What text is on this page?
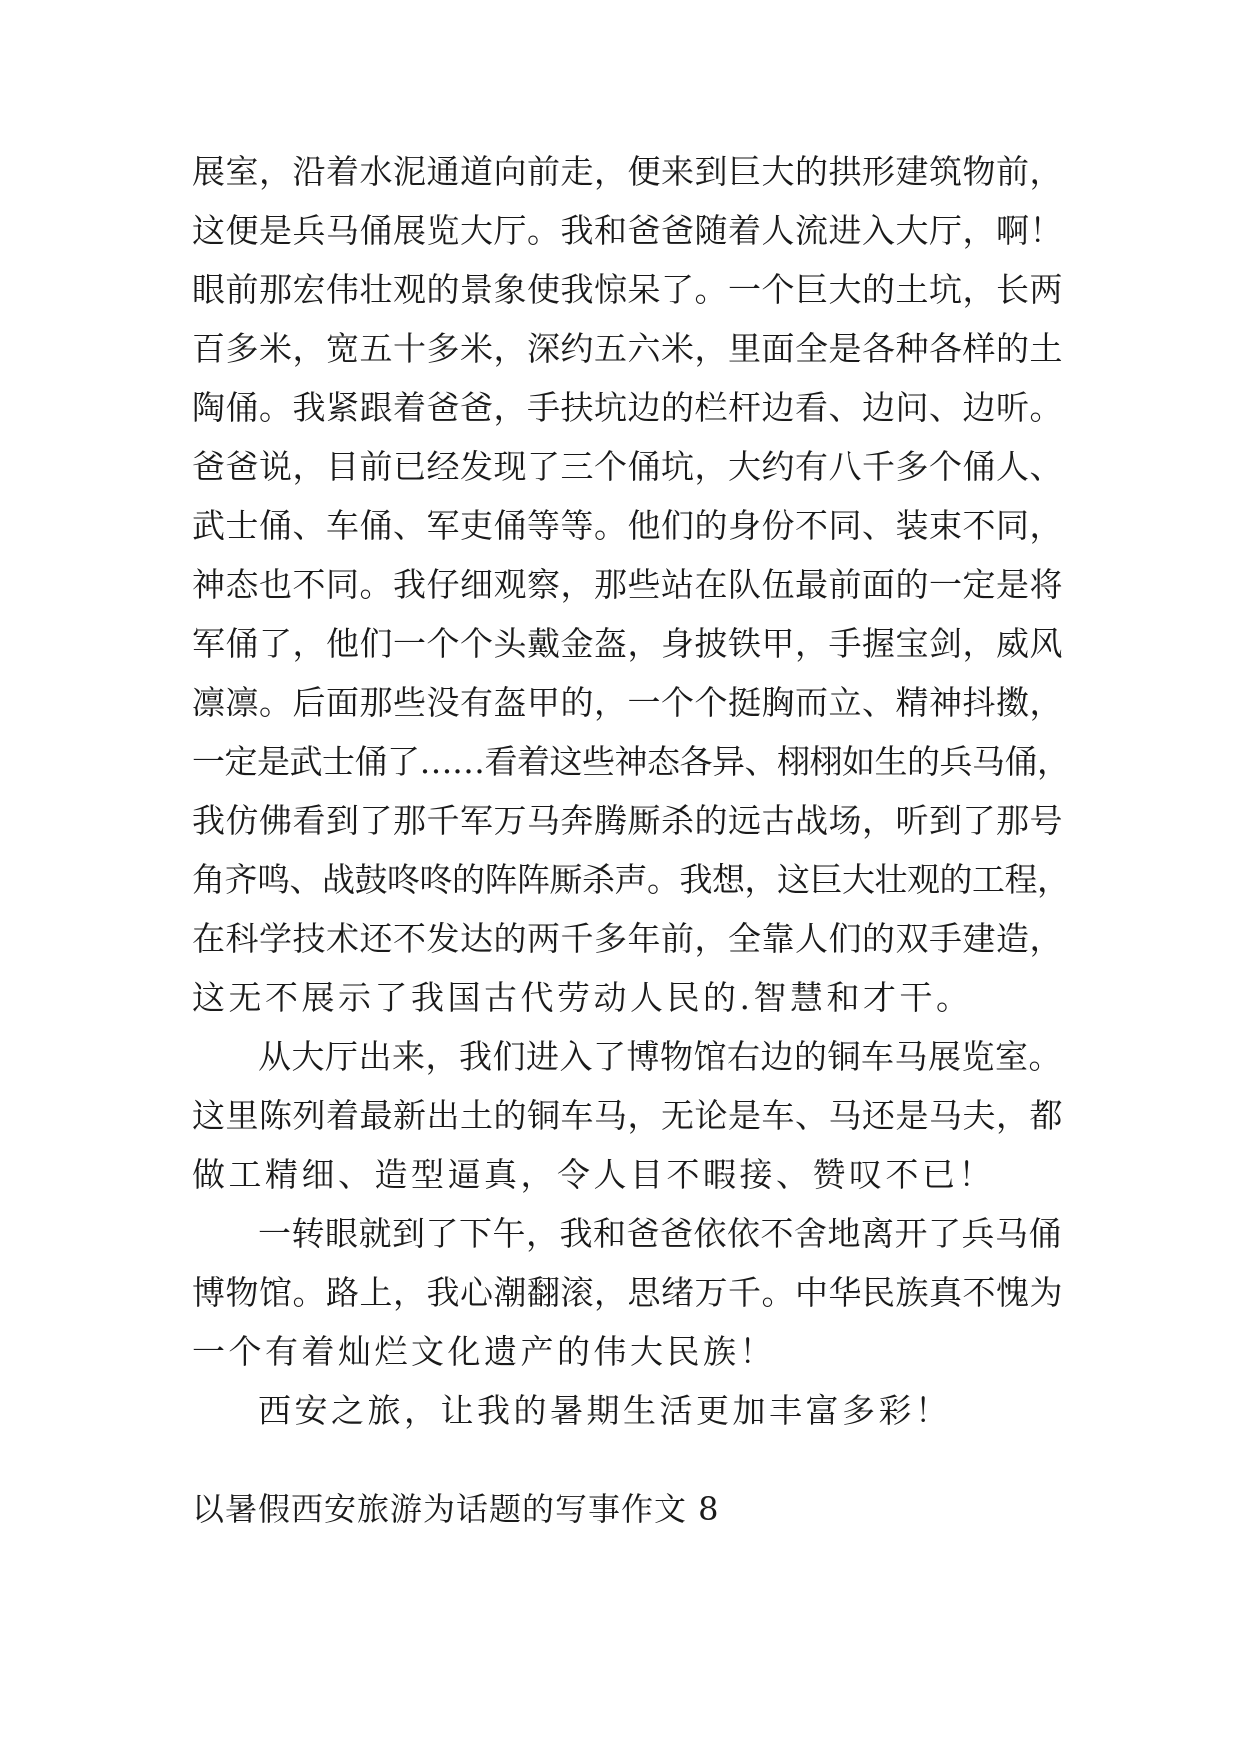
展室，沿着水泥通道向前走，便来到巨大的拱形建筑物前，
这便是兵马俑展览大厅。我和爸爸随着人流进入大厅，啊！
眼前那宏伟壮观的景象使我惊呆了。一个巨大的土坑，长两
百多米，宽五十多米，深约五六米，里面全是各种各样的土
陶俑。我紧跟着爸爸，手扶坑边的栏杆边看、边问、边听。
爸爸说，目前已经发现了三个俑坑，大约有八千多个俑人、
武士俑、车俑、军吏俑等等。他们的身份不同、装束不同，
神态也不同。我仔细观察，那些站在队伍最前面的一定是将
军俑了，他们一个个头戴金盔，身披铁甲，手握宝剑，威风
凛凛。后面那些没有盔甲的，一个个挺胸而立、精神抖擞，
一定是武士俑了……看着这些神态各异、栩栩如生的兵马俑，
我仿佛看到了那千军万马奔腾厮杀的远古战场，听到了那号
角齐鸣、战鼓咚咚的阵阵厮杀声。我想，这巨大壮观的工程，
在科学技术还不发达的两千多年前，全靠人们的双手建造，
这无不展示了我国古代劳动人民的.智慧和才干。
从大厅出来，我们进入了博物馆右边的铜车马展览室。
这里陈列着最新出土的铜车马，无论是车、马还是马夫，都
做工精细、造型逼真，令人目不暇接、赞叹不已！
一转眼就到了下午，我和爸爸依依不舍地离开了兵马俑
博物馆。路上，我心潮翻滚，思绪万千。中华民族真不愧为
一个有着灿烂文化遗产的伟大民族！
西安之旅，让我的暑期生活更加丰富多彩！
以暑假西安旅游为话题的写事作文 8
